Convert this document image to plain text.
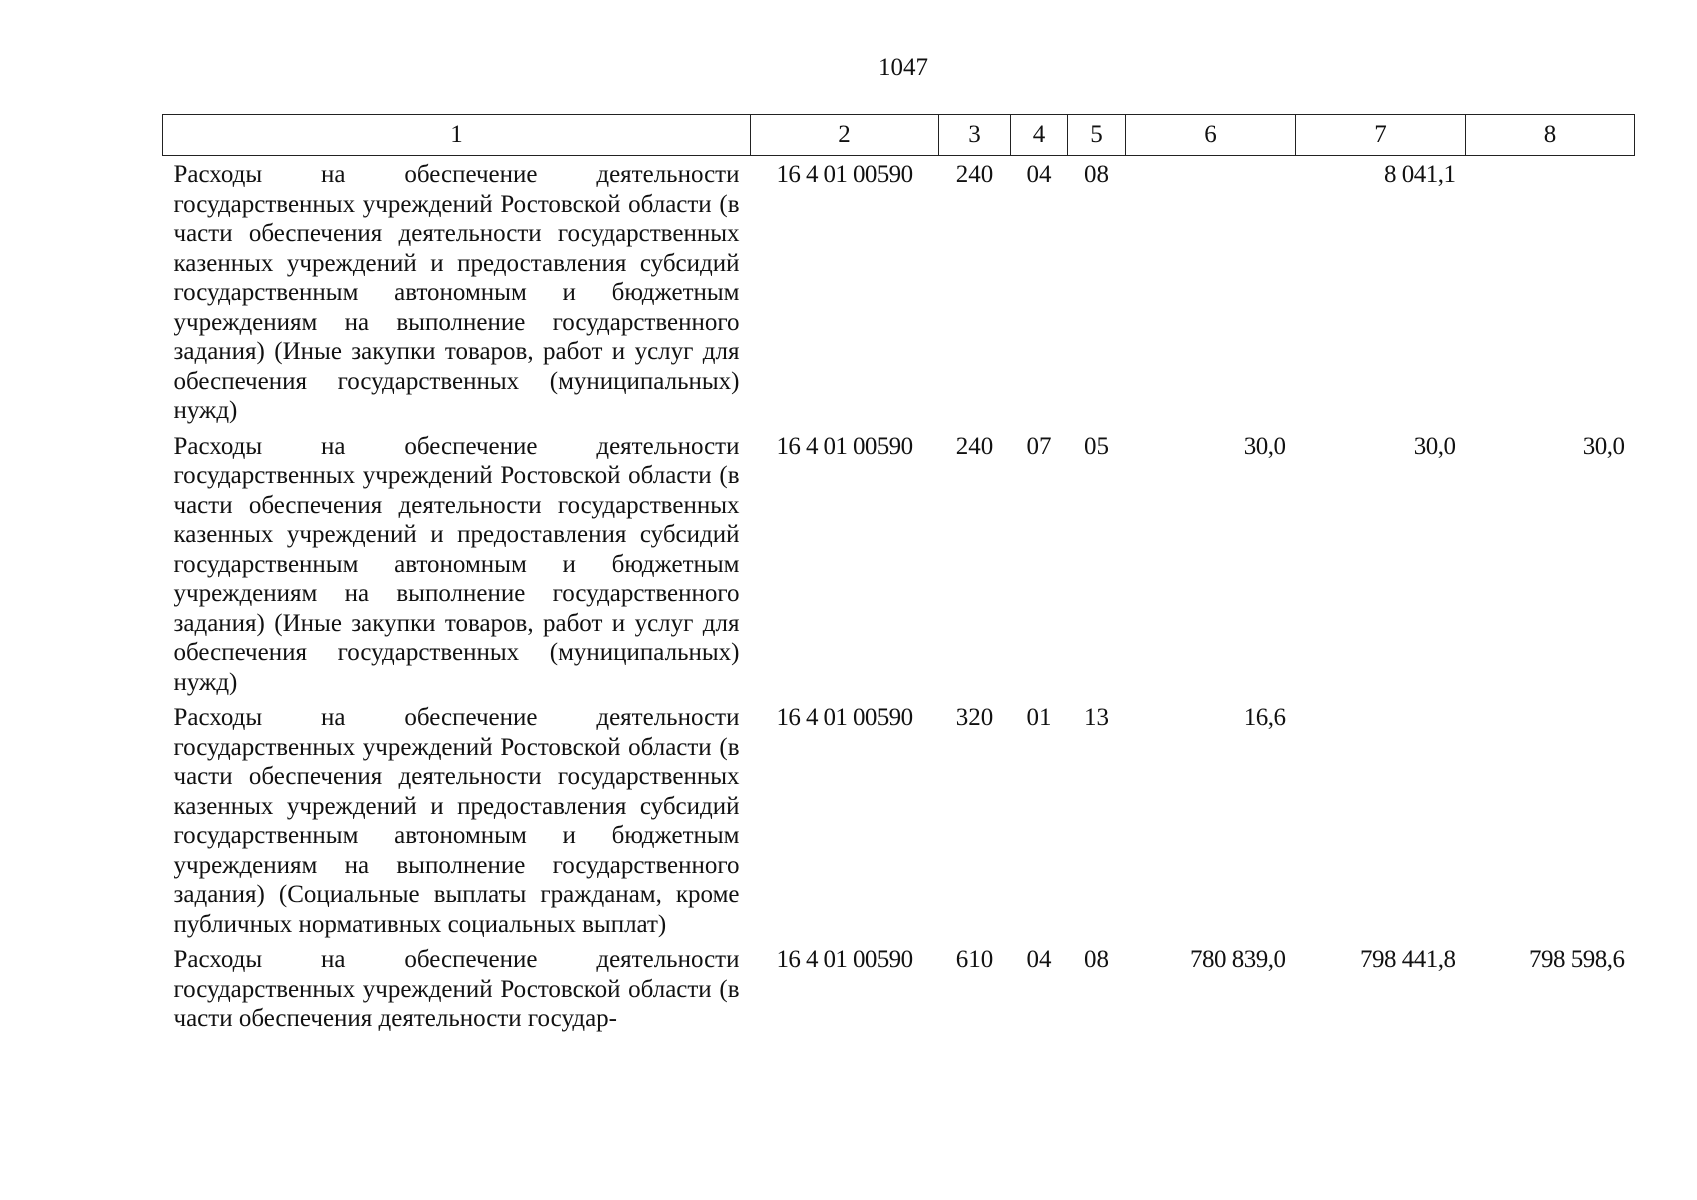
1047
1	2	3	4	5	6	7	8
Расходы на обеспечение деятельности государственных учреждений Ростовской области (в части обеспечения деятельности государственных казенных учреждений и предоставления субсидий государственным автономным и бюджетным учреждениям на выполнение государственного задания) (Иные закупки товаров, работ и услуг для обеспечения государственных (муниципальных) нужд)	16 4 01 00590	240	04	08		8 041,1	
Расходы на обеспечение деятельности государственных учреждений Ростовской области (в части обеспечения деятельности государственных казенных учреждений и предоставления субсидий государственным автономным и бюджетным учреждениям на выполнение государственного задания) (Иные закупки товаров, работ и услуг для обеспечения государственных (муниципальных) нужд)	16 4 01 00590	240	07	05	30,0	30,0	30,0
Расходы на обеспечение деятельности государственных учреждений Ростовской области (в части обеспечения деятельности государственных казенных учреждений и предоставления субсидий государственным автономным и бюджетным учреждениям на выполнение государственного задания) (Социальные выплаты гражданам, кроме публичных нормативных социальных выплат)	16 4 01 00590	320	01	13	16,6		
Расходы на обеспечение деятельности государственных учреждений Ростовской области (в части обеспечения деятельности государ-	16 4 01 00590	610	04	08	780 839,0	798 441,8	798 598,6
